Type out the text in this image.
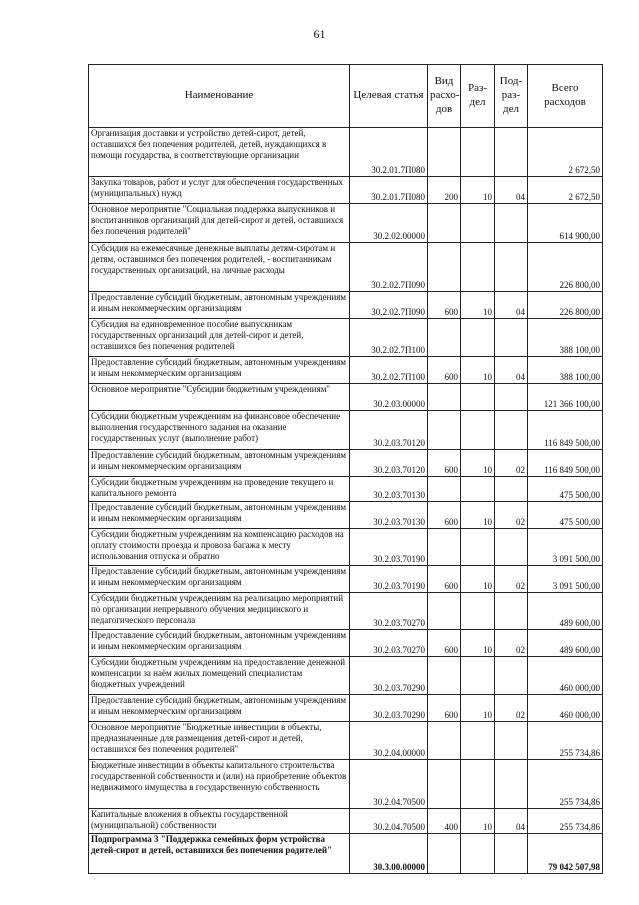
61
Наименование	Целевая статья	Вид расхо-дов	Раз-дел	Под-раз-дел	Всего расходов
Организация доставки и устройство детей-сирот, детей, оставшихся без попечения родителей, детей, нуждающихся в помощи государства, в соответствующие организации	30.2.01.7П080				2 672,50
Закупка товаров, работ и услуг для обеспечения государственных (муниципальных) нужд	30.2.01.7П080	200	10	04	2 672,50
Основное мероприятие "Социальная поддержка выпускников и воспитанников организаций для детей-сирот и детей, оставшихся без попечения родителей"	30.2.02.00000				614 900,00
Субсидия на ежемесячные денежные выплаты детям-сиротам и детям, оставшимся без попечения родителей, - воспитанникам государственных организаций, на личные расходы	30.2.02.7П090				226 800,00
Предоставление субсидий бюджетным, автономным учреждениям и иным некоммерческим организациям	30.2.02.7П090	600	10	04	226 800,00
Субсидия на единовременное пособие выпускникам государственных организаций для детей-сирот и детей, оставшихся без попечения родителей	30.2.02.7П100				388 100,00
Предоставление субсидий бюджетным, автономным учреждениям и иным некоммерческим организациям	30.2.02.7П100	600	10	04	388 100,00
Основное мероприятие "Субсидии бюджетным учреждениям"	30.2.03.00000				121 366 100,00
Субсидии бюджетным учреждениям на финансовое обеспечение выполнения государственного задания на оказание государственных услуг (выполнение работ)	30.2.03.70120				116 849 500,00
Предоставление субсидий бюджетным, автономным учреждениям и иным некоммерческим организациям	30.2.03.70120	600	10	02	116 849 500,00
Субсидии бюджетным учреждениям на проведение текущего и капитального ремонта	30.2.03.70130				475 500,00
Предоставление субсидий бюджетным, автономным учреждениям и иным некоммерческим организациям	30.2.03.70130	600	10	02	475 500,00
Субсидии бюджетным учреждениям на компенсацию расходов на оплату стоимости проезда и провоза багажа к месту использования отпуска и обратно	30.2.03.70190				3 091 500,00
Предоставление субсидий бюджетным, автономным учреждениям и иным некоммерческим организациям	30.2.03.70190	600	10	02	3 091 500,00
Субсидии бюджетным учреждениям на реализацию мероприятий по организации непрерывного обучения медицинского и педагогического персонала	30.2.03.70270				489 600,00
Предоставление субсидий бюджетным, автономным учреждениям и иным некоммерческим организациям	30.2.03.70270	600	10	02	489 600,00
Субсидии бюджетным учреждениям на предоставление денежной компенсации за наём жилых помещений специалистам бюджетных учреждений	30.2.03.70290				460 000,00
Предоставление субсидий бюджетным, автономным учреждениям и иным некоммерческим организациям	30.2.03.70290	600	10	02	460 000,00
Основное мероприятие "Бюджетные инвестиции в объекты, предназначенные для размещения детей-сирот и детей, оставшихся без попечения родителей"	30.2.04.00000				255 734,86
Бюджетные инвестиции в объекты капитального строительства государственной собственности и (или) на приобретение объектов недвижимого имущества в государственную собственность	30.2.04.70500				255 734,86
Капитальные вложения в объекты государственной (муниципальной) собственности	30.2.04.70500	400	10	04	255 734,86
Подпрограмма 3 "Поддержка семейных форм устройства детей-сирот и детей, оставшихся без попечения родителей"	30.3.00.00000				79 042 507,98
